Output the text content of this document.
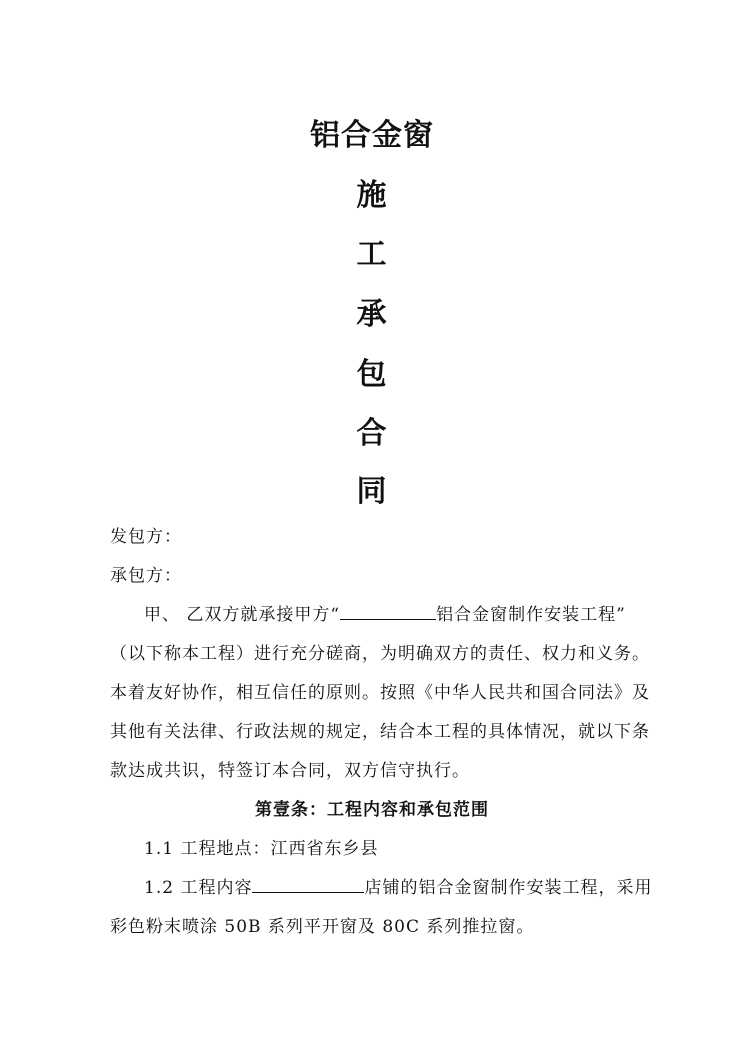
铝合金窗
施
工
承
包
合
同
发包方：
承包方：
甲、 乙双方就承接甲方“	铝合金窗制作安装工程”
（以下称本工程）进行充分磋商，为明确双方的责任、权力和义务。
本着友好协作，相互信任的原则。按照《中华人民共和国合同法》及
其他有关法律、行政法规的规定，结合本工程的具体情况，就以下条
款达成共识，特签订本合同，双方信守执行。
第壹条：工程内容和承包范围
1.1 工程地点：江西省东乡县
1.2 工程内容	店铺的铝合金窗制作安装工程，采用
彩色粉末喷涂 50B 系列平开窗及 80C 系列推拉窗。
